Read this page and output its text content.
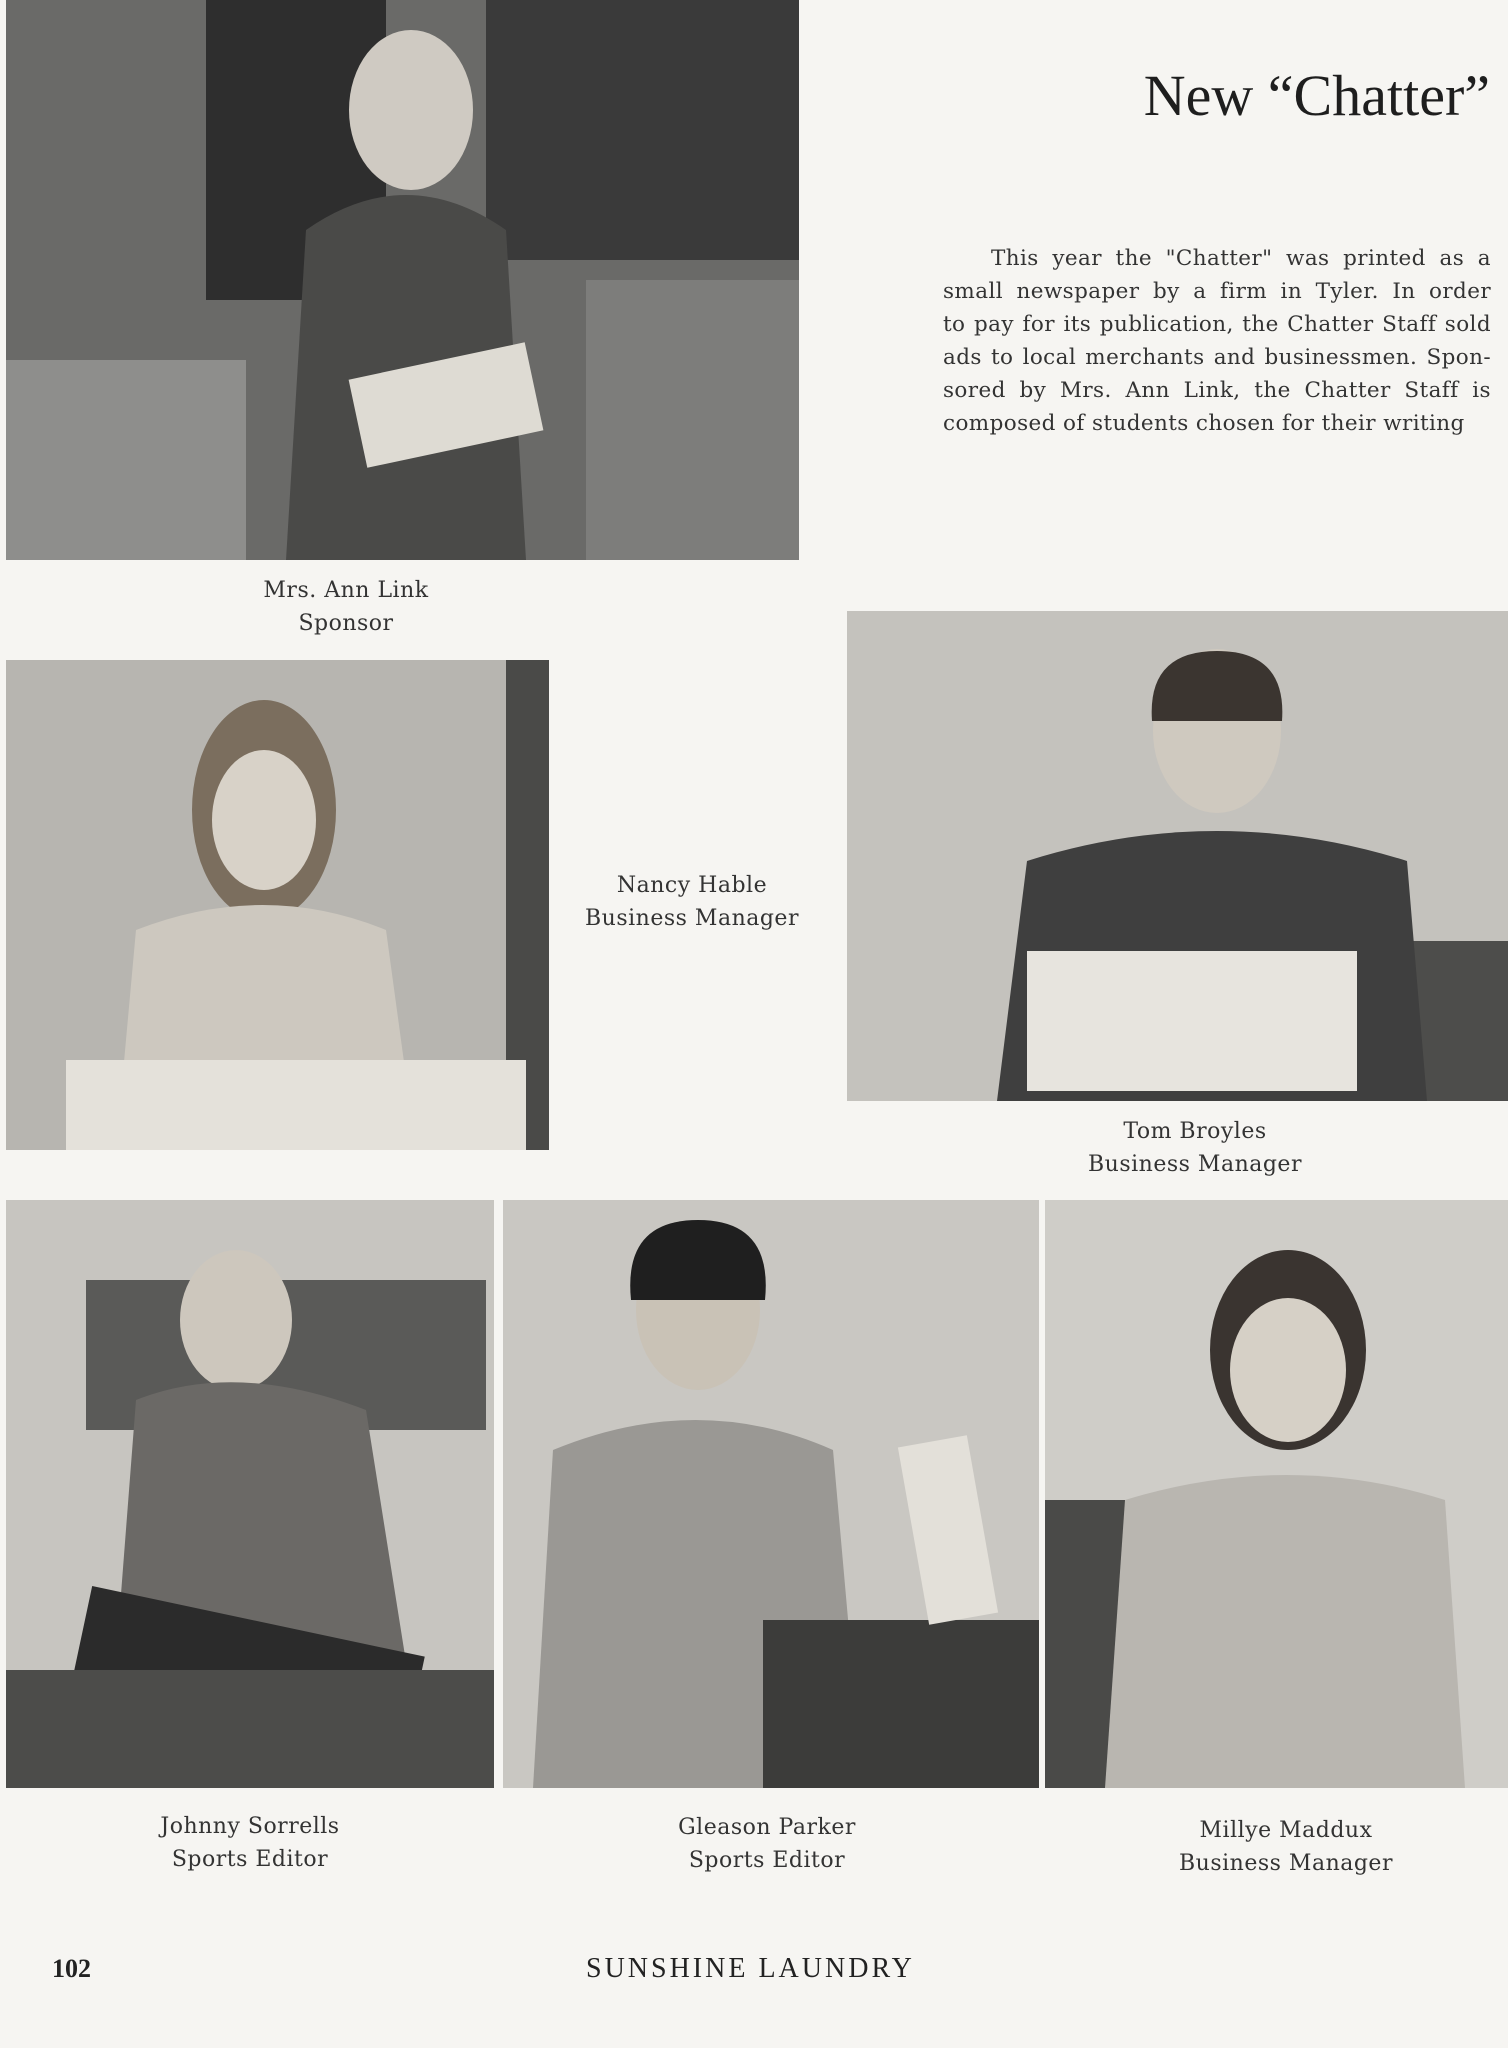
New “Chatter”
This year the "Chatter" was printed as a
small newspaper by a firm in Tyler. In order
to pay for its publication, the Chatter Staff sold
ads to local merchants and businessmen. Spon-
sored by Mrs. Ann Link, the Chatter Staff is
composed of students chosen for their writing
Mrs. Ann Link
Sponsor
Nancy Hable
Business Manager
Tom Broyles
Business Manager
Johnny Sorrells
Sports Editor
Gleason Parker
Sports Editor
Millye Maddux
Business Manager
102	SUNSHINE LAUNDRY
